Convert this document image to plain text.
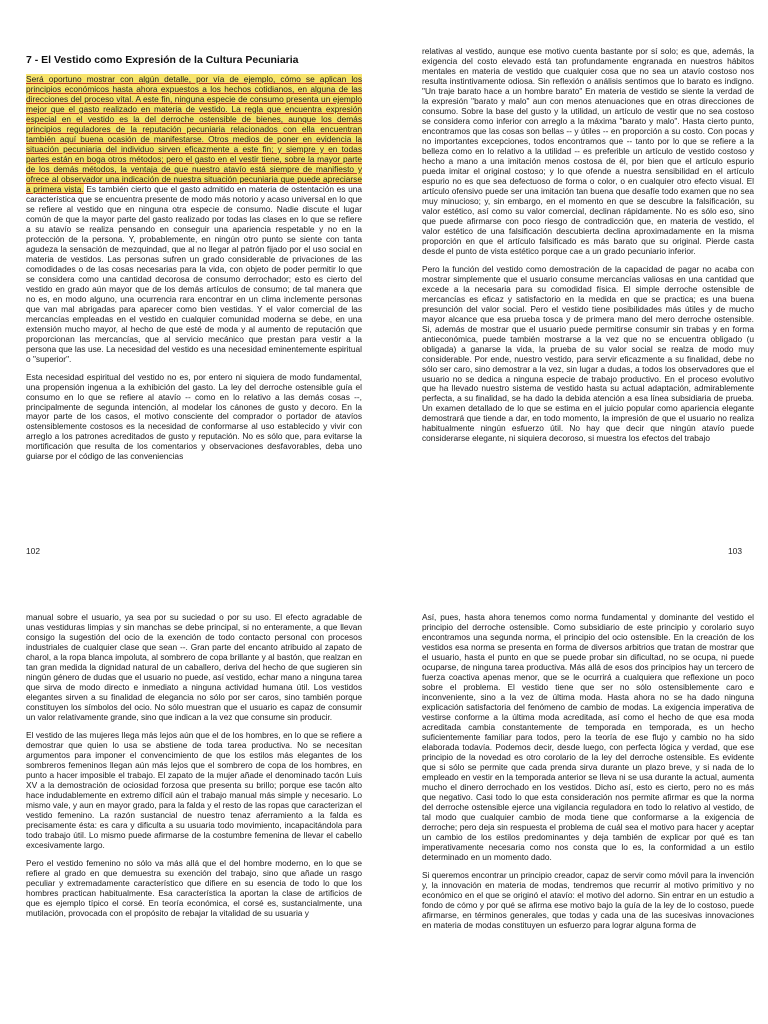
7 - El Vestido como Expresión de la Cultura Pecuniaria

Será oportuno mostrar con algún detalle, por vía de ejemplo, cómo se aplican los principios económicos hasta ahora expuestos a los hechos cotidianos, en alguna de las direcciones del proceso vital. A este fin, ninguna especie de consumo presenta un ejemplo mejor que el gasto realizado en materia de vestido. La regla que encuentra expresión especial en el vestido es la del derroche ostensible de bienes, aunque los demás principios reguladores de la reputación pecuniaria relacionados con ella encuentran también aquí buena ocasión de manifestarse. Otros medios de poner en evidencia la situación pecuniaria del individuo sirven eficazmente a este fin; y siempre y en todas partes están en boga otros métodos; pero el gasto en el vestir tiene, sobre la mayor parte de los demás métodos, la ventaja de que nuestro atavío está siempre de manifiesto y ofrece al observador una indicación de nuestra situación pecuniaria que puede apreciarse a primera vista. Es también cierto que el gasto admitido en materia de ostentación es una característica que se encuentra presente de modo más notorio y acaso universal en lo que se refiere al vestido que en ninguna otra especie de consumo. Nadie discute el lugar común de que la mayor parte del gasto realizado por todas las clases en lo que se refiere a su atavío se realiza pensando en conseguir una apariencia respetable y no en la protección de la persona. Y, probablemente, en ningún otro punto se siente con tanta agudeza la sensación de mezquindad, que al no llegar al patrón fijado por el uso social en materia de vestidos. Las personas sufren un grado considerable de privaciones de las comodidades o de las cosas necesarias para la vida, con objeto de poder permitir lo que se considera como una cantidad decorosa de consumo derrochador; esto es cierto del vestido en grado aún mayor que de los demás artículos de consumo; de tal manera que no es, en modo alguno, una ocurrencia rara encontrar en un clima inclemente personas que van mal abrigadas para aparecer como bien vestidas. Y el valor comercial de las mercancías empleadas en el vestido en cualquier comunidad moderna se debe, en una extensión mucho mayor, al hecho de que esté de moda y al aumento de reputación que proporcionan las mercancías, que al servicio mecánico que prestan para vestir a la persona que las use. La necesidad del vestido es una necesidad eminentemente espiritual o "superior".

Esta necesidad espiritual del vestido no es, por entero ni siquiera de modo fundamental, una propensión ingenua a la exhibición del gasto. La ley del derroche ostensible guía el consumo en lo que se refiere al atavío -- como en lo relativo a las demás cosas --, principalmente de segunda intención, al modelar los cánones de gusto y decoro. En la mayor parte de los casos, el motivo consciente del comprador o portador de atavíos ostensiblemente costosos es la necesidad de conformarse al uso establecido y vivir con arreglo a los patrones acreditados de gusto y reputación. No es sólo que, para evitarse la mortificación que resulta de los comentarios y observaciones desfavorables, deba uno guiarse por el código de las conveniencias

102

relativas al vestido, aunque ese motivo cuenta bastante por sí solo; es que, además, la exigencia del costo elevado está tan profundamente engranada en nuestros hábitos mentales en materia de vestido que cualquier cosa que no sea un atavío costoso nos resulta instintivamente odiosa. Sin reflexión o análisis sentimos que lo barato es indigno. "Un traje barato hace a un hombre barato" En materia de vestido se siente la verdad de la expresión "barato y malo" aun con menos atenuaciones que en otras direcciones de consumo. Sobre la base del gusto y la utilidad, un artículo de vestir que no sea costoso se considera como inferior con arreglo a la máxima "barato y malo". Hasta cierto punto, encontramos que las cosas son bellas -- y útiles -- en proporción a su costo. Con pocas y no importantes excepciones, todos encontramos que -- tanto por lo que se refiere a la belleza como en lo relativo a la utilidad -- es preferible un artículo de vestido costoso y hecho a mano a una imitación menos costosa de él, por bien que el artículo espurio pueda imitar el original costoso; y lo que ofende a nuestra sensibilidad en el artículo espurio no es que sea defectuoso de forma o color, o en cualquier otro efecto visual. El artículo ofensivo puede ser una imitación tan buena que desafíe todo examen que no sea muy minucioso; y, sin embargo, en el momento en que se descubre la falsificación, su valor estético, así como su valor comercial, declinan rápidamente. No es sólo eso, sino que puede afirmarse con poco riesgo de contradicción que, en materia de vestido, el valor estético de una falsificación descubierta declina aproximadamente en la misma proporción en que el artículo falsificado es más barato que su original. Pierde casta desde el punto de vista estético porque cae a un grado pecuniario inferior.

Pero la función del vestido como demostración de la capacidad de pagar no acaba con mostrar simplemente que el usuario consume mercancías valiosas en una cantidad que excede a la necesaria para su comodidad física. El simple derroche ostensible de mercancías es eficaz y satisfactorio en la medida en que se practica; es una buena presunción del valor social. Pero el vestido tiene posibilidades más útiles y de mucho mayor alcance que esa prueba tosca y de primera mano del mero derroche ostensible. Si, además de mostrar que el usuario puede permitirse consumir sin trabas y en forma antieconómica, puede también mostrarse a la vez que no se encuentra obligado (u obligada) a ganarse la vida, la prueba de su valor social se realza de modo muy considerable. Por ende, nuestro vestido, para servir eficazmente a su finalidad, debe no sólo ser caro, sino demostrar a la vez, sin lugar a dudas, a todos los observadores que el usuario no se dedica a ninguna especie de trabajo productivo. En el proceso evolutivo que ha llevado nuestro sistema de vestido hasta su actual adaptación, admirablemente perfecta, a su finalidad, se ha dado la debida atención a esa línea subsidiaria de prueba. Un examen detallado de lo que se estima en el juicio popular como apariencia elegante demostrará que tiende a dar, en todo momento, la impresión de que el usuario no realiza habitualmente ningún esfuerzo útil. No hay que decir que ningún atavío puede considerarse elegante, ni siquiera decoroso, si muestra los efectos del trabajo

103

manual sobre el usuario, ya sea por su suciedad o por su uso. El efecto agradable de unas vestiduras limpias y sin manchas se debe principal, si no enteramente, a que llevan consigo la sugestión del ocio de la exención de todo contacto personal con procesos industriales de cualquier clase que sean --. Gran parte del encanto atribuido al zapato de charol, a la ropa blanca impoluta, al sombrero de copa brillante y al bastón, que realzan en tan gran medida la dignidad natural de un caballero, deriva del hecho de que sugieren sin ningún género de dudas que el usuario no puede, así vestido, echar mano a ninguna tarea que sirva de modo directo e inmediato a ninguna actividad humana útil. Los vestidos elegantes sirven a su finalidad de elegancia no sólo por ser caros, sino también porque constituyen los símbolos del ocio. No sólo muestran que el usuario es capaz de consumir un valor relativamente grande, sino que indican a la vez que consume sin producir.

El vestido de las mujeres llega más lejos aún que el de los hombres, en lo que se refiere a demostrar que quien lo usa se abstiene de toda tarea productiva. No se necesitan argumentos para imponer el convencimiento de que los estilos más elegantes de los sombreros femeninos llegan aún más lejos que el sombrero de copa de los hombres, en punto a hacer imposible el trabajo. El zapato de la mujer añade el denominado tacón Luis XV a la demostración de ociosidad forzosa que presenta su brillo; porque ese tacón alto hace indudablemente en extremo difícil aún el trabajo manual más simple y necesario. Lo mismo vale, y aun en mayor grado, para la falda y el resto de las ropas que caracterizan el vestido femenino. La razón sustancial de nuestro tenaz aferramiento a la falda es precisamente ésta: es cara y dificulta a su usuaria todo movimiento, incapacitándola para todo trabajo útil. Lo mismo puede afirmarse de la costumbre femenina de llevar el cabello excesivamente largo.

Pero el vestido femenino no sólo va más allá que el del hombre moderno, en lo que se refiere al grado en que demuestra su exención del trabajo, sino que añade un rasgo peculiar y extremadamente característico que difiere en su esencia de todo lo que los hombres practican habitualmente. Esa característica la aportan la clase de artificios de que es ejemplo típico el corsé. En teoría económica, el corsé es, sustancialmente, una mutilación, provocada con el propósito de rebajar la vitalidad de su usuaria y

Así, pues, hasta ahora tenemos como norma fundamental y dominante del vestido el principio del derroche ostensible. Como subsidiario de este principio y corolario suyo encontramos una segunda norma, el principio del ocio ostensible. En la creación de los vestidos esa norma se presenta en forma de diversos arbitrios que tratan de mostrar que el usuario, hasta el punto en que se puede probar sin dificultad, no se ocupa, ni puede ocuparse, de ninguna tarea productiva. Más allá de esos dos principios hay un tercero de fuerza coactiva apenas menor, que se le ocurrirá a cualquiera que reflexione un poco sobre el problema. El vestido tiene que ser no sólo ostensiblemente caro e inconveniente, sino a la vez de última moda. Hasta ahora no se ha dado ninguna explicación satisfactoria del fenómeno de cambio de modas. La exigencia imperativa de vestirse conforme a la última moda acreditada, así como el hecho de que esa moda acreditada cambia constantemente de temporada en temporada, es un hecho suficientemente familiar para todos, pero la teoría de ese flujo y cambio no ha sido elaborada todavía. Podemos decir, desde luego, con perfecta lógica y verdad, que ese principio de la novedad es otro corolario de la ley del derroche ostensible. Es evidente que si sólo se permite que cada prenda sirva durante un plazo breve, y si nada de lo empleado en vestir en la temporada anterior se lleva ni se usa durante la actual, aumenta mucho el dinero derrochado en los vestidos. Dicho así, esto es cierto, pero no es más que negativo. Casi todo lo que esta consideración nos permite afirmar es que la norma del derroche ostensible ejerce una vigilancia reguladora en todo lo relativo al vestido, de tal modo que cualquier cambio de moda tiene que conformarse a la exigencia de derroche; pero deja sin respuesta el problema de cuál sea el motivo para hacer y aceptar un cambio de los estilos predominantes y deja también de explicar por qué es tan imperativamente necesaria como nos consta que lo es, la conformidad a un estilo determinado en un momento dado.

Si queremos encontrar un principio creador, capaz de servir como móvil para la invención y, la innovación en materia de modas, tendremos que recurrir al motivo primitivo y no económico en el que se originó el atavío: el motivo del adorno. Sin entrar en un estudio a fondo de cómo y por qué se afirma ese motivo bajo la guía de la ley de lo costoso, puede afirmarse, en términos generales, que todas y cada una de las sucesivas innovaciones en materia de modas constituyen un esfuerzo para lograr alguna forma de
